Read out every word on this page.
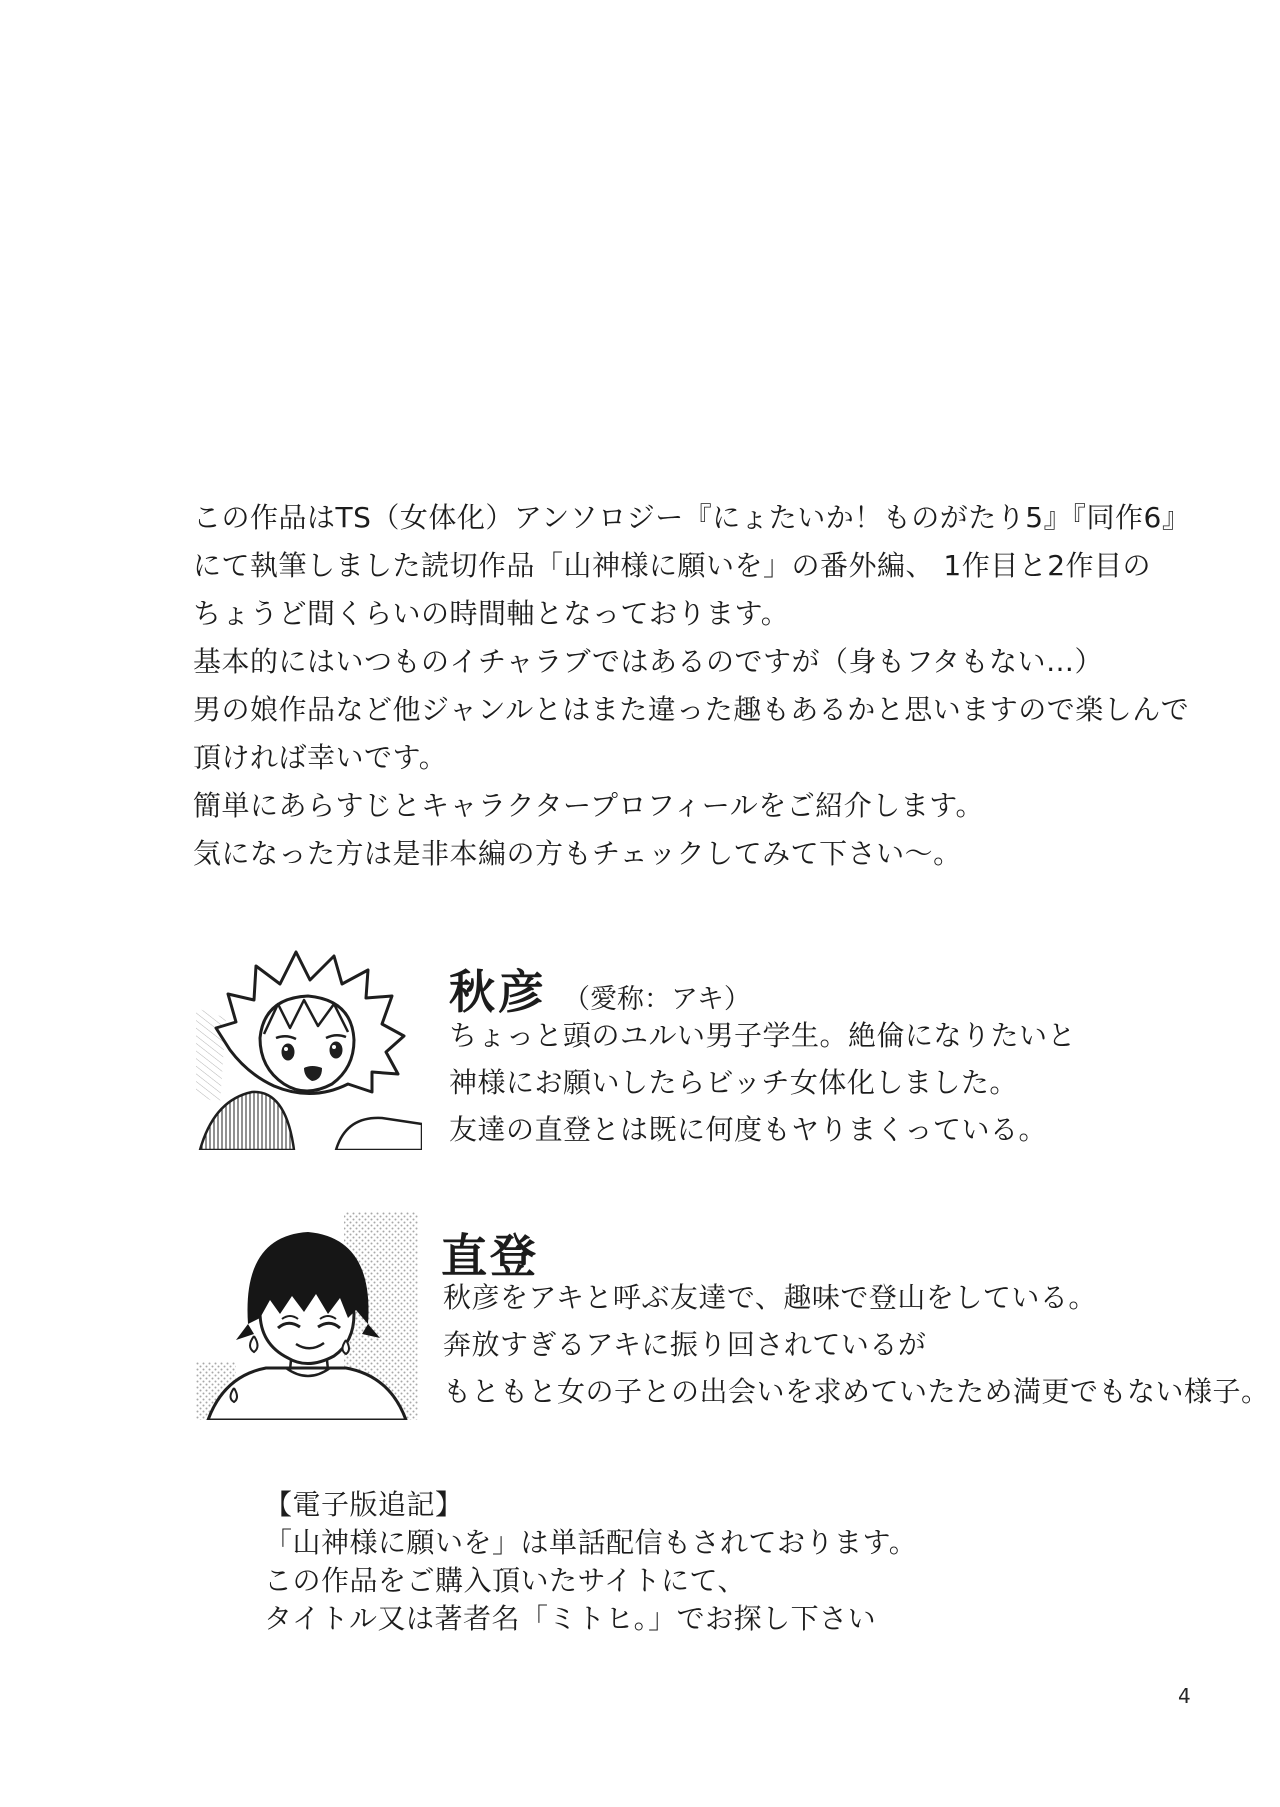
この作品はTS（女体化）アンソロジー『にょたいか！ものがたり5』『同作6』
にて執筆しました読切作品「山神様に願いを」の番外編、 1作目と2作目の
ちょうど間くらいの時間軸となっております。
基本的にはいつものイチャラブではあるのですが（身もフタもない…）
男の娘作品など他ジャンルとはまた違った趣もあるかと思いますので楽しんで
頂ければ幸いです。
簡単にあらすじとキャラクタープロフィールをご紹介します。
気になった方は是非本編の方もチェックしてみて下さい～。
秋彦 （愛称：アキ）
ちょっと頭のユルい男子学生。絶倫になりたいと
神様にお願いしたらビッチ女体化しました。
友達の直登とは既に何度もヤりまくっている。
直登
秋彦をアキと呼ぶ友達で、趣味で登山をしている。
奔放すぎるアキに振り回されているが
もともと女の子との出会いを求めていたため満更でもない様子。
【電子版追記】
「山神様に願いを」は単話配信もされております。
この作品をご購入頂いたサイトにて、
タイトル又は著者名「ミトヒ。」でお探し下さい
4
